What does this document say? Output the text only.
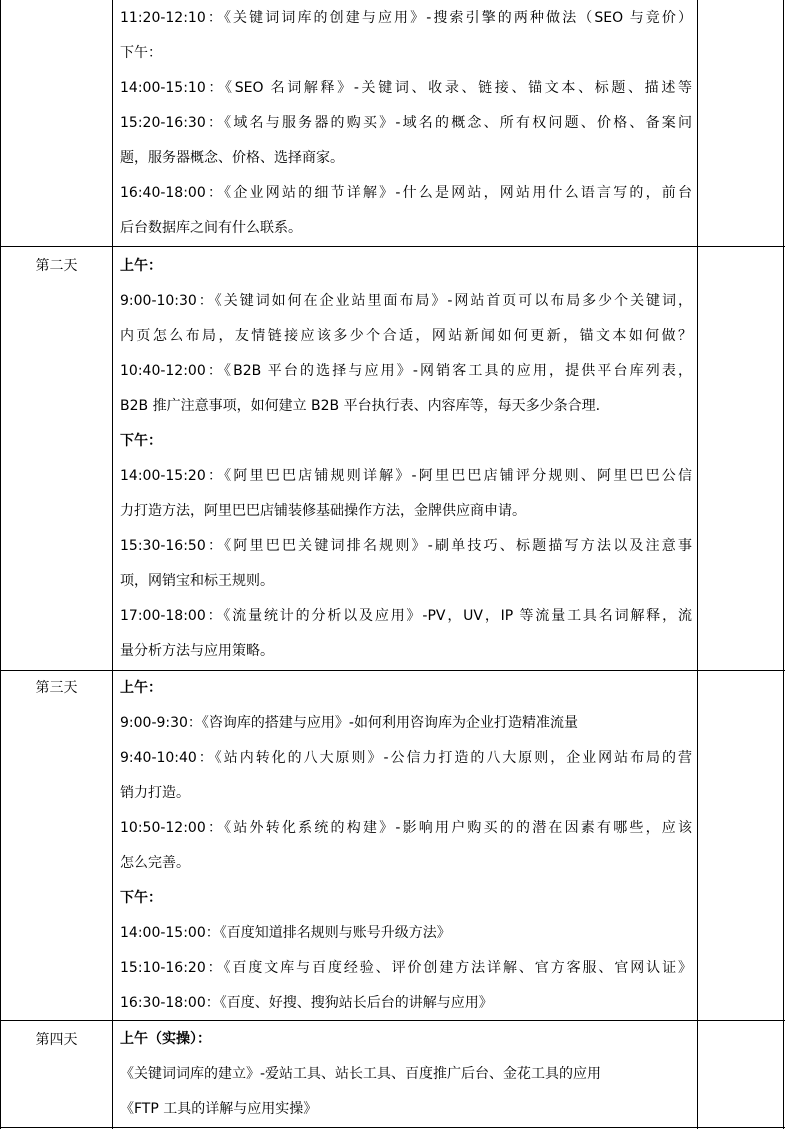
11:20-12:10：《关键词词库的创建与应用》-搜索引擎的两种做法（SEO 与竞价）
下午：
14:00-15:10：《SEO 名词解释》-关键词、收录、链接、锚文本、标题、描述等
15:20-16:30：《域名与服务器的购买》-域名的概念、所有权问题、价格、备案问
题，服务器概念、价格、选择商家。
16:40-18:00：《企业网站的细节详解》-什么是网站，网站用什么语言写的，前台
后台数据库之间有什么联系。
第二天	上午：
9:00-10:30：《关键词如何在企业站里面布局》-网站首页可以布局多少个关键词，
内页怎么布局，友情链接应该多少个合适，网站新闻如何更新，锚文本如何做？
10:40-12:00：《B2B 平台的选择与应用》-网销客工具的应用，提供平台库列表，
B2B 推广注意事项，如何建立 B2B 平台执行表、内容库等，每天多少条合理.
下午：
14:00-15:20：《阿里巴巴店铺规则详解》-阿里巴巴店铺评分规则、阿里巴巴公信
力打造方法，阿里巴巴店铺装修基础操作方法，金牌供应商申请。
15:30-16:50：《阿里巴巴关键词排名规则》-刷单技巧、标题描写方法以及注意事
项，网销宝和标王规则。
17:00-18:00：《流量统计的分析以及应用》-PV，UV，IP 等流量工具名词解释，流
量分析方法与应用策略。
第三天	上午：
9:00-9:30：《咨询库的搭建与应用》-如何利用咨询库为企业打造精准流量
9:40-10:40：《站内转化的八大原则》-公信力打造的八大原则，企业网站布局的营
销力打造。
10:50-12:00：《站外转化系统的构建》-影响用户购买的的潜在因素有哪些，应该
怎么完善。
下午：
14:00-15:00：《百度知道排名规则与账号升级方法》
15:10-16:20：《百度文库与百度经验、评价创建方法详解、官方客服、官网认证》
16:30-18:00：《百度、好搜、搜狗站长后台的讲解与应用》
第四天	上午（实操）：
《关键词词库的建立》-爱站工具、站长工具、百度推广后台、金花工具的应用
《FTP 工具的详解与应用实操》
